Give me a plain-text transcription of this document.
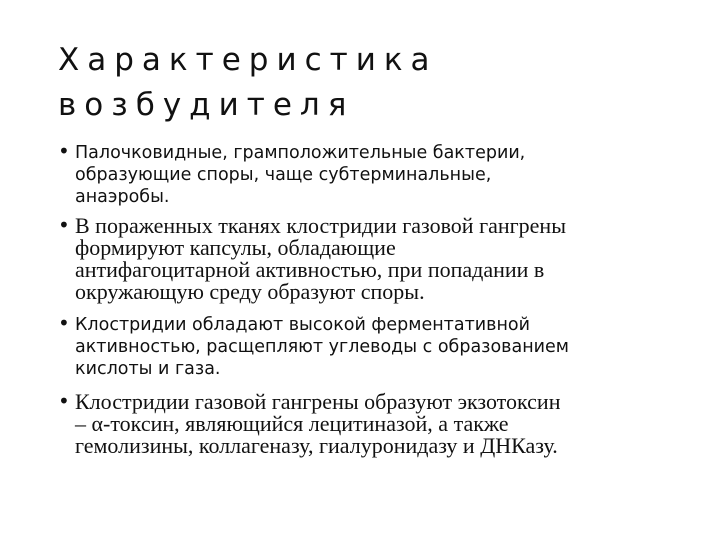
Характеристика
возбудителя
• Палочковидные, грамположительные бактерии,
образующие споры, чаще субтерминальные,
анаэробы.
• В пораженных тканях клостридии газовой гангрены
формируют капсулы, обладающие
антифагоцитарной активностью, при попадании в
окружающую среду образуют споры.
• Клостридии обладают высокой ферментативной
активностью, расщепляют углеводы с образованием
кислоты и газа.
• Клостридии газовой гангрены образуют экзотоксин
– α-токсин, являющийся лецитиназой, а также
гемолизины, коллагеназу, гиалуронидазу и ДНКазу.
